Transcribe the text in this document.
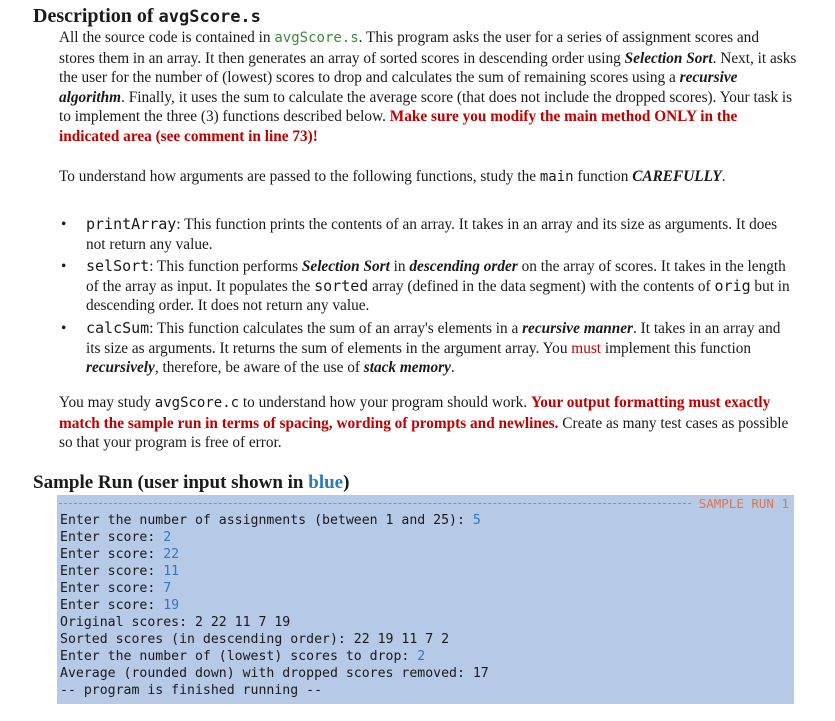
Description of avgScore.s

All the source code is contained in avgScore.s. This program asks the user for a series of assignment scores and stores them in an array. It then generates an array of sorted scores in descending order using Selection Sort. Next, it asks the user for the number of (lowest) scores to drop and calculates the sum of remaining scores using a recursive algorithm. Finally, it uses the sum to calculate the average score (that does not include the dropped scores). Your task is to implement the three (3) functions described below. Make sure you modify the main method ONLY in the indicated area (see comment in line 73)!

To understand how arguments are passed to the following functions, study the main function CAREFULLY.

• printArray: This function prints the contents of an array. It takes in an array and its size as arguments. It does not return any value.
• selSort: This function performs Selection Sort in descending order on the array of scores. It takes in the length of the array as input. It populates the sorted array (defined in the data segment) with the contents of orig but in descending order. It does not return any value.
• calcSum: This function calculates the sum of an array's elements in a recursive manner. It takes in an array and its size as arguments. It returns the sum of elements in the argument array. You must implement this function recursively, therefore, be aware of the use of stack memory.

You may study avgScore.c to understand how your program should work. Your output formatting must exactly match the sample run in terms of spacing, wording of prompts and newlines. Create as many test cases as possible so that your program is free of error.

Sample Run (user input shown in blue)
SAMPLE RUN 1
Enter the number of assignments (between 1 and 25): 5
Enter score: 2
Enter score: 22
Enter score: 11
Enter score: 7
Enter score: 19
Original scores: 2 22 11 7 19
Sorted scores (in descending order): 22 19 11 7 2
Enter the number of (lowest) scores to drop: 2
Average (rounded down) with dropped scores removed: 17
-- program is finished running --
